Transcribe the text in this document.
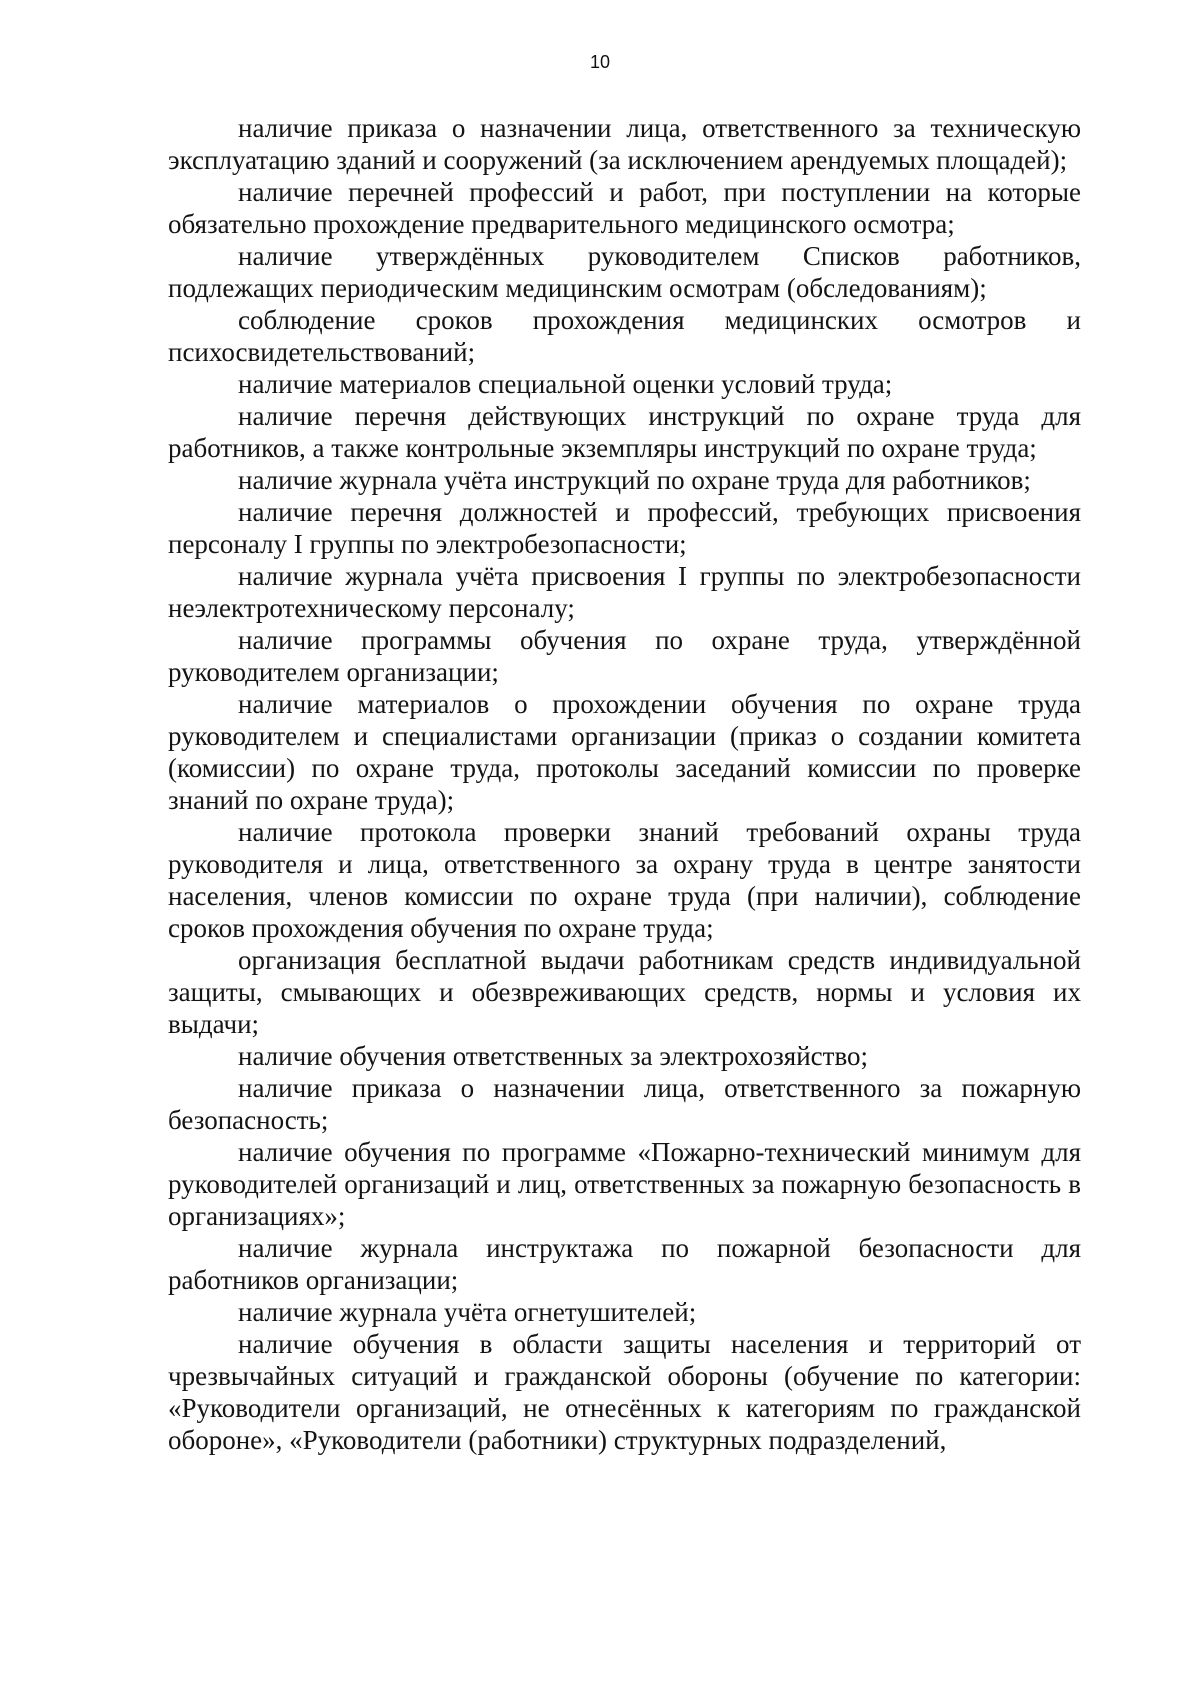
10

наличие приказа о назначении лица, ответственного за техническую эксплуатацию зданий и сооружений (за исключением арендуемых площадей);

наличие перечней профессий и работ, при поступлении на которые обязательно прохождение предварительного медицинского осмотра;

наличие утверждённых руководителем Списков работников, подлежащих периодическим медицинским осмотрам (обследованиям);

соблюдение сроков прохождения медицинских осмотров и психосвидетельствований;

наличие материалов специальной оценки условий труда;

наличие перечня действующих инструкций по охране труда для работников, а также контрольные экземпляры инструкций по охране труда;

наличие журнала учёта инструкций по охране труда для работников;

наличие перечня должностей и профессий, требующих присвоения персоналу I группы по электробезопасности;

наличие журнала учёта присвоения I группы по электробезопасности неэлектротехническому персоналу;

наличие программы обучения по охране труда, утверждённой руководителем организации;

наличие материалов о прохождении обучения по охране труда руководителем и специалистами организации (приказ о создании комитета (комиссии) по охране труда, протоколы заседаний комиссии по проверке знаний по охране труда);

наличие протокола проверки знаний требований охраны труда руководителя и лица, ответственного за охрану труда в центре занятости населения, членов комиссии по охране труда (при наличии), соблюдение сроков прохождения обучения по охране труда;

организация бесплатной выдачи работникам средств индивидуальной защиты, смывающих и обезвреживающих средств, нормы и условия их выдачи;

наличие обучения ответственных за электрохозяйство;

наличие приказа о назначении лица, ответственного за пожарную безопасность;

наличие обучения по программе «Пожарно-технический минимум для руководителей организаций и лиц, ответственных за пожарную безопасность в организациях»;

наличие журнала инструктажа по пожарной безопасности для работников организации;

наличие журнала учёта огнетушителей;

наличие обучения в области защиты населения и территорий от чрезвычайных ситуаций и гражданской обороны (обучение по категории: «Руководители организаций, не отнесённых к категориям по гражданской обороне», «Руководители (работники) структурных подразделений,
